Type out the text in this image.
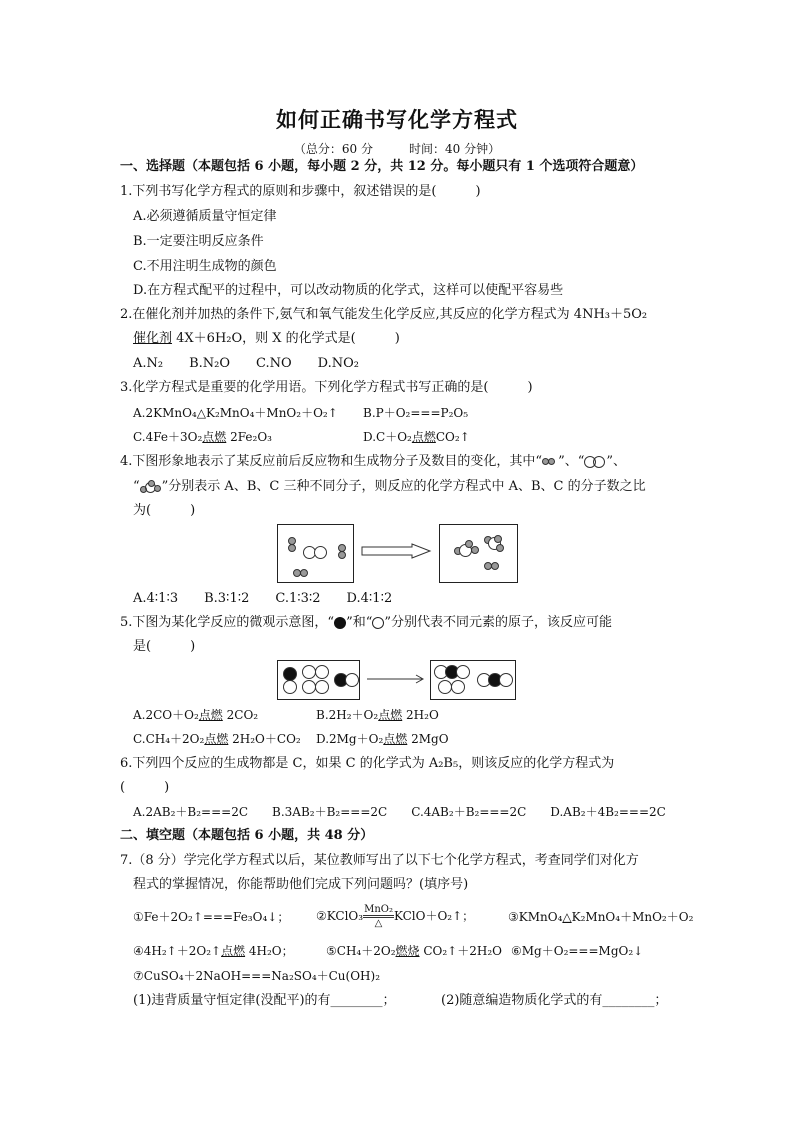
如何正确书写化学方程式
（总分：60 分　　　时间：40 分钟）
一、选择题（本题包括 6 小题，每小题 2 分，共 12 分。每小题只有 1 个选项符合题意）
1.下列书写化学方程式的原则和步骤中，叙述错误的是(　　　)
A.必须遵循质量守恒定律
B.一定要注明反应条件
C.不用注明生成物的颜色
D.在方程式配平的过程中，可以改动物质的化学式，这样可以使配平容易些
2.在催化剂并加热的条件下,氨气和氧气能发生化学反应,其反应的化学方程式为 4NH₃＋5O₂
催化剂 4X＋6H₂O，则 X 的化学式是(　　　)
A.N₂　　B.N₂O　　C.NO　　D.NO₂
3.化学方程式是重要的化学用语。下列化学方程式书写正确的是(　　　)
A.2KMnO₄△K₂MnO₄＋MnO₂＋O₂↑ B.P＋O₂===P₂O₅
C.4Fe＋3O₂点燃 2Fe₂O₃	D.C＋O₂点燃CO₂↑
4.下图形象地表示了某反应前后反应物和生成物分子及数目的变化，其中“ ”、“ ”、
“ ”分别表示 A、B、C 三种不同分子，则反应的化学方程式中 A、B、C 的分子数之比
为(　　　)
A.4∶1∶3　　B.3∶1∶2　　C.1∶3∶2　　D.4∶1∶2
5.下图为某化学反应的微观示意图，“ ”和“ ”分别代表不同元素的原子，该反应可能
是(　　　)
A.2CO＋O₂点燃 2CO₂	B.2H₂＋O₂点燃 2H₂O
C.CH₄＋2O₂点燃 2H₂O＋CO₂ D.2Mg＋O₂点燃 2MgO
6.下列四个反应的生成物都是 C，如果 C 的化学式为 A₂B₅，则该反应的化学方程式为
(　　　)
A.2AB₂＋B₂===2C　　B.3AB₂＋B₂===2C　　C.4AB₂＋B₂===2C　　D.AB₂＋4B₂===2C
二、填空题（本题包括 6 小题，共 48 分）
7.（8 分）学完化学方程式以后，某位教师写出了以下七个化学方程式，考查同学们对化方
程式的掌握情况，你能帮助他们完成下列问题吗？(填序号)
①Fe＋2O₂↑===Fe₃O₄↓； ②KClO₃ $\frac{\text{MnO₂}}{\triangle}$ KClO＋O₂↑；	③KMnO₄△K₂MnO₄＋MnO₂＋O₂
④4H₂↑＋2O₂↑点燃 4H₂O；	⑤CH₄＋2O₂燃烧 CO₂↑＋2H₂O ⑥Mg＋O₂===MgO₂↓
⑦CuSO₄＋2NaOH===Na₂SO₄＋Cu(OH)₂
(1)违背质量守恒定律(没配平)的有________；	(2)随意编造物质化学式的有________；
